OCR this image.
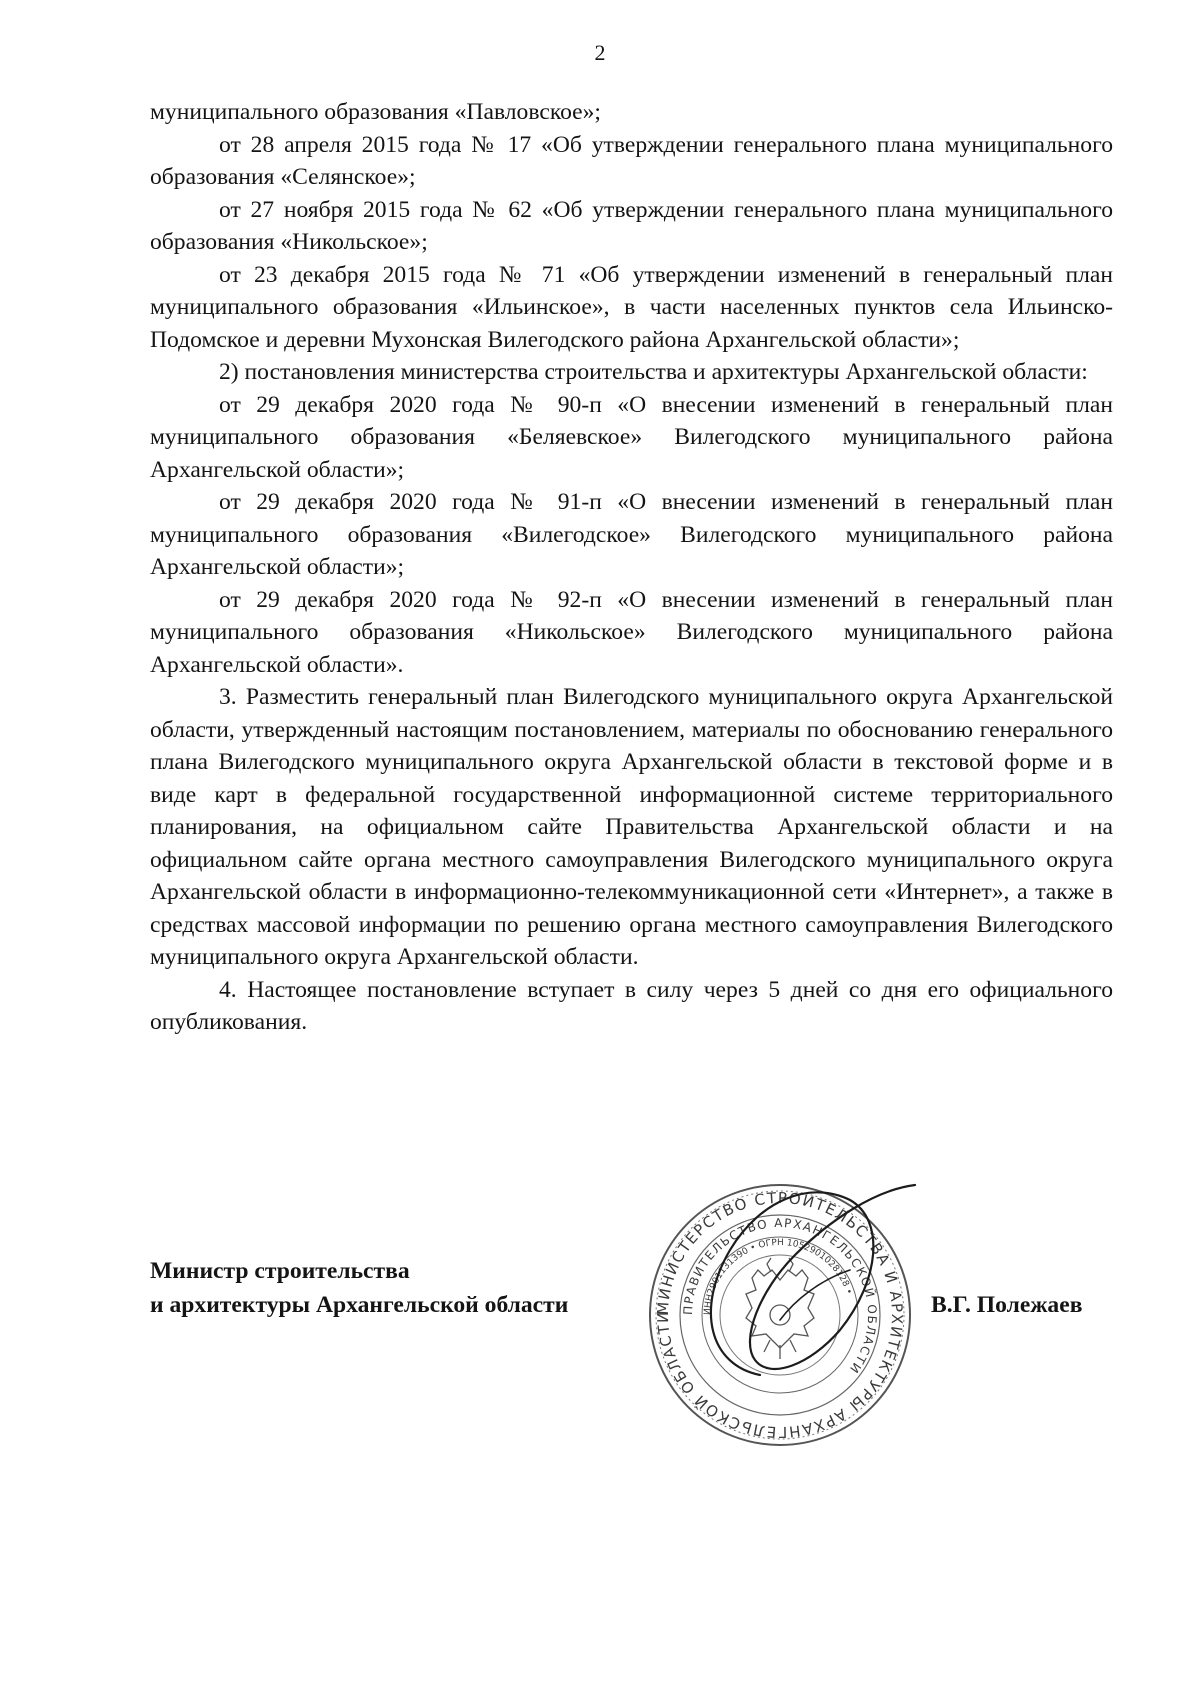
2

муниципального образования «Павловское»;

от 28 апреля 2015 года № 17 «Об утверждении генерального плана муниципального образования «Селянское»;

от 27 ноября 2015 года № 62 «Об утверждении генерального плана муниципального образования «Никольское»;

от 23 декабря 2015 года № 71 «Об утверждении изменений в генеральный план муниципального образования «Ильинское», в части населенных пунктов села Ильинско-Подомское и деревни Мухонская Вилегодского района Архангельской области»;

2) постановления министерства строительства и архитектуры Архангельской области:

от 29 декабря 2020 года № 90-п «О внесении изменений в генеральный план муниципального образования «Беляевское» Вилегодского муниципального района Архангельской области»;

от 29 декабря 2020 года № 91-п «О внесении изменений в генеральный план муниципального образования «Вилегодское» Вилегодского муниципального района Архангельской области»;

от 29 декабря 2020 года № 92-п «О внесении изменений в генеральный план муниципального образования «Никольское» Вилегодского муниципального района Архангельской области».

3. Разместить генеральный план Вилегодского муниципального округа Архангельской области, утвержденный настоящим постановлением, материалы по обоснованию генерального плана Вилегодского муниципального округа Архангельской области в текстовой форме и в виде карт в федеральной государственной информационной системе территориального планирования, на официальном сайте Правительства Архангельской области и на официальном сайте органа местного самоуправления Вилегодского муниципального округа Архангельской области в информационно-телекоммуникационной сети «Интернет», а также в средствах массовой информации по решению органа местного самоуправления Вилегодского муниципального округа Архангельской области.

4. Настоящее постановление вступает в силу через 5 дней со дня его официального опубликования.

Министр строительства
и архитектуры Архангельской области	МИНИСТЕРСТВО СТРОИТЕЛЬСТВА И АРХИТЕКТУРЫ АРХАНГЕЛЬСКОЙ ОБЛАСТИ
ПРАВИТЕЛЬСТВО АРХАНГЕЛЬСКОЙ ОБЛАСТИ
ИНН2901131390 • ОГРН 1052901028128 •
В.Г. Полежаев
